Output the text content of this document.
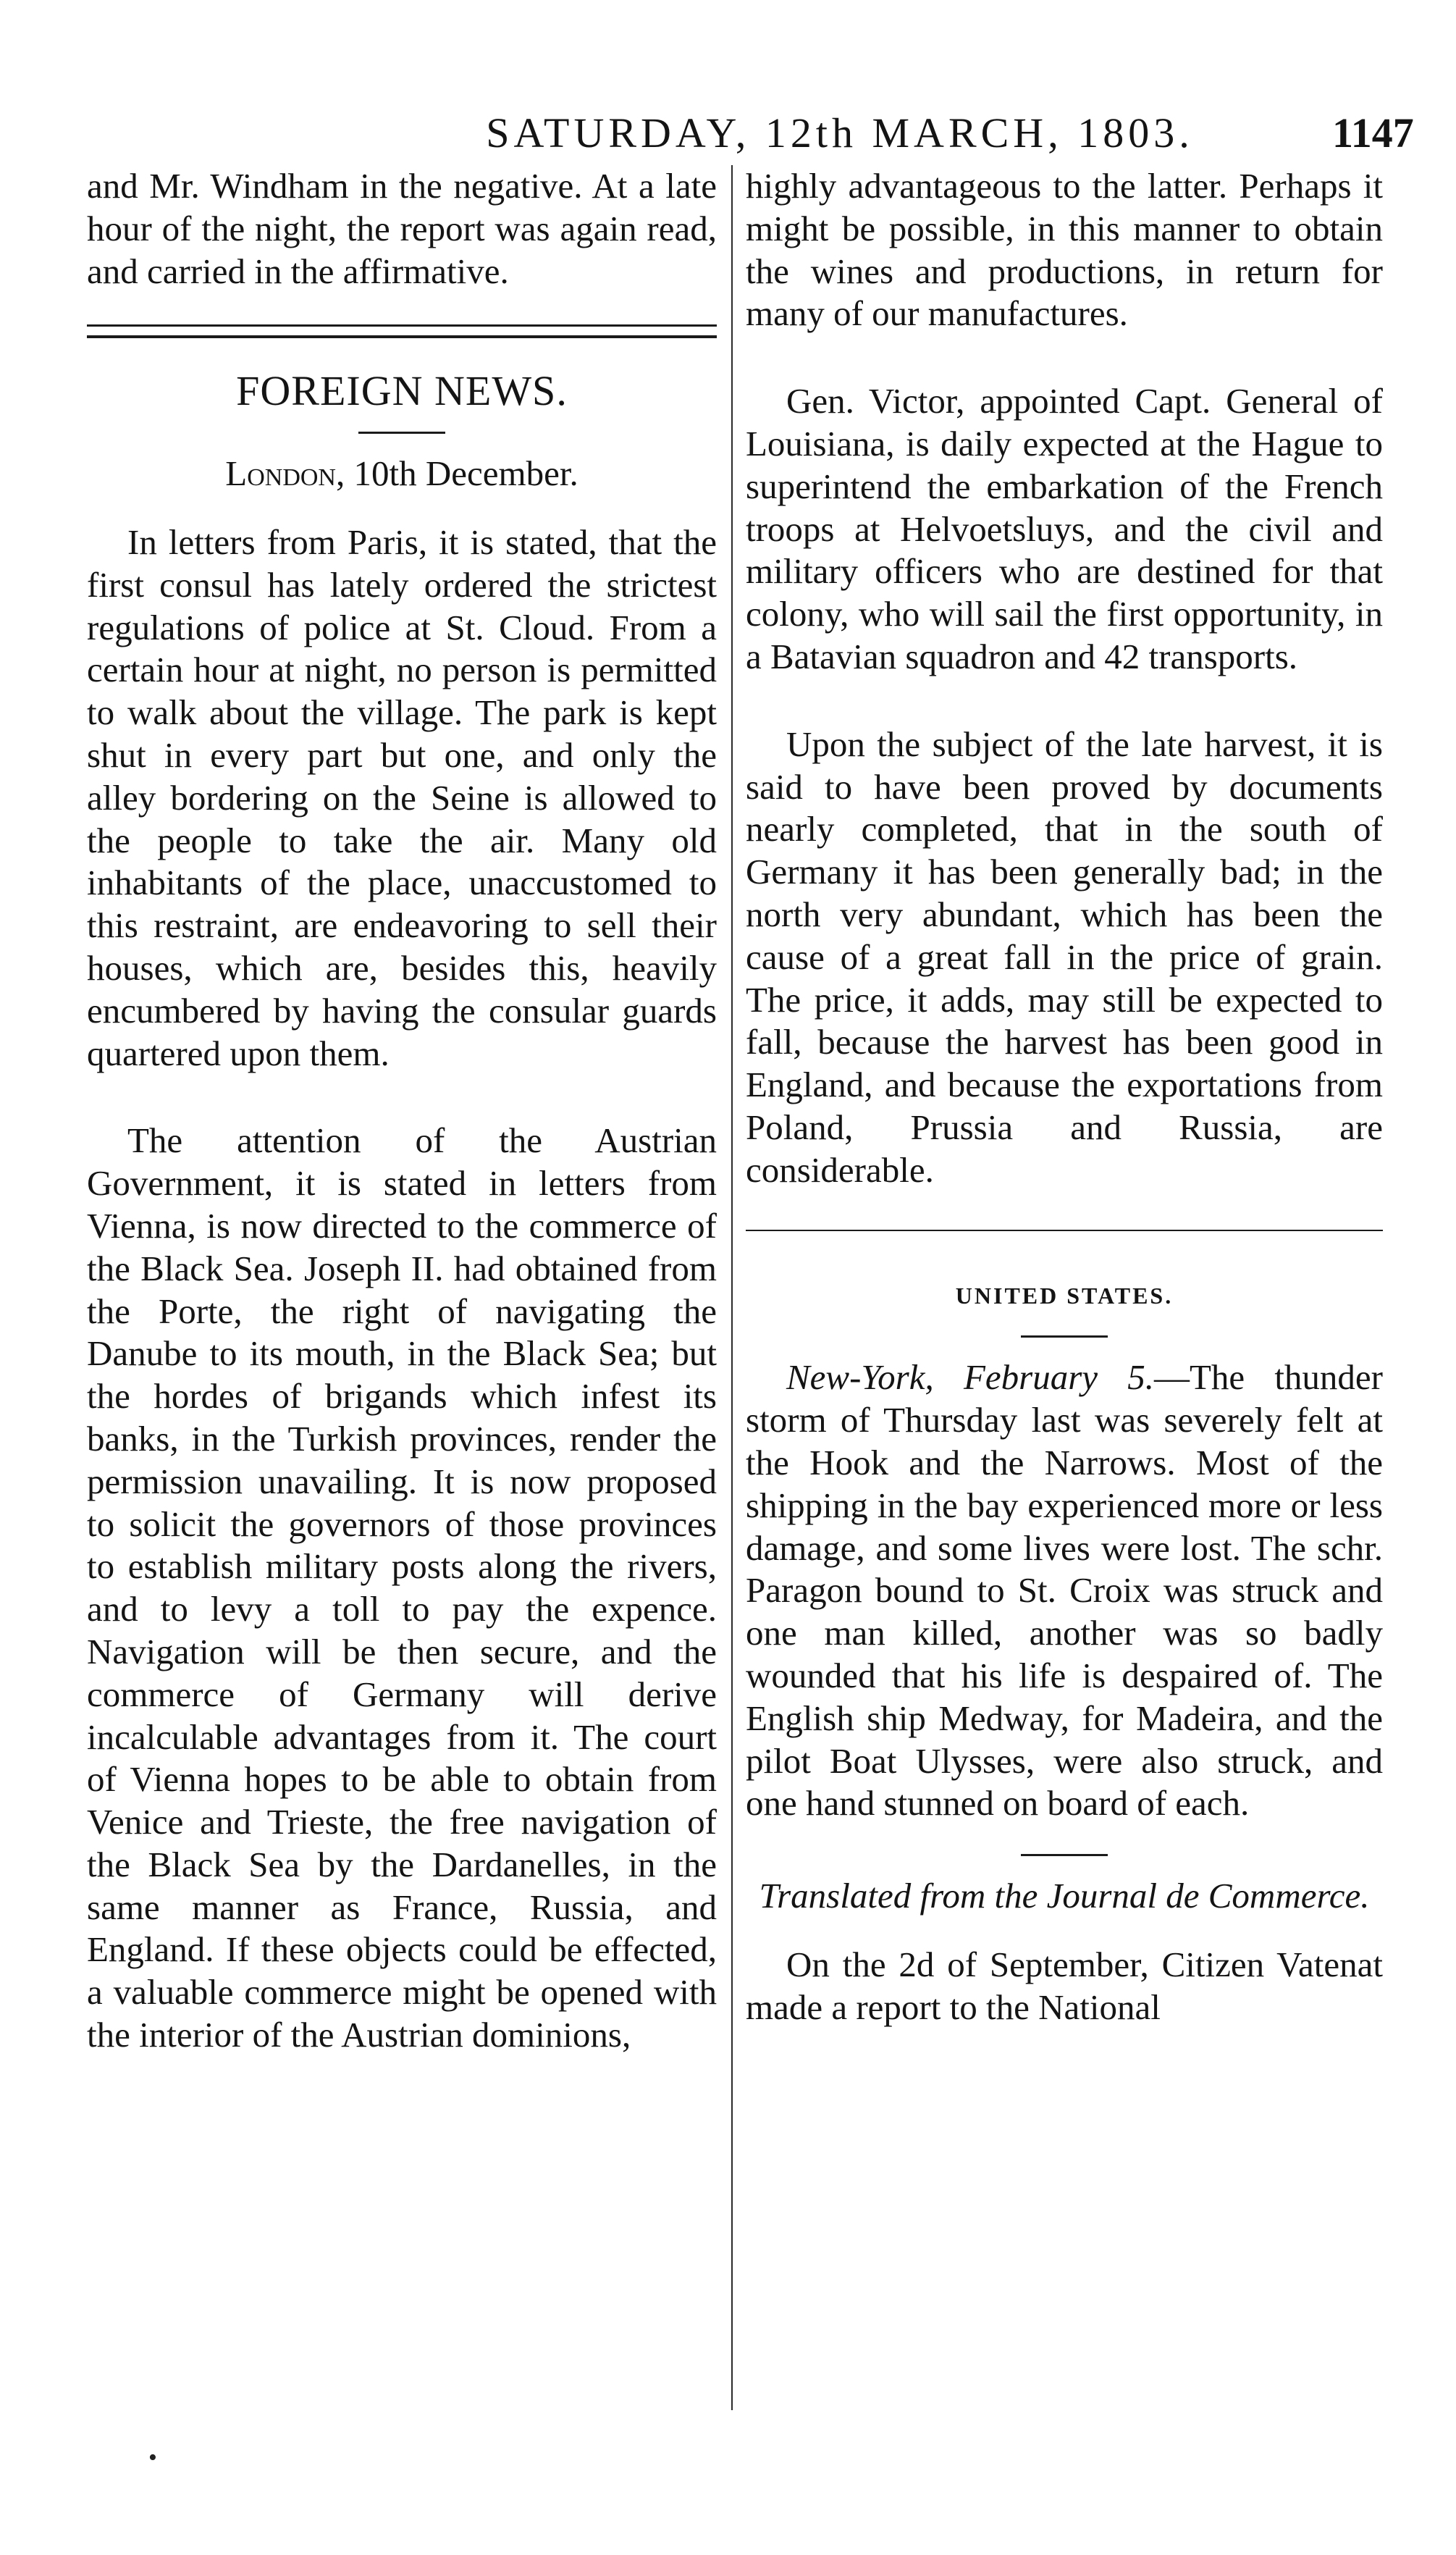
SATURDAY, 12th MARCH, 1803.	1147

and Mr. Windham in the negative. At a late hour of the night, the report was again read, and carried in the affirmative.

FOREIGN NEWS.
London, 10th December.

In letters from Paris, it is stated, that the first consul has lately ordered the strictest regulations of police at St. Cloud. From a certain hour at night, no person is permitted to walk about the village. The park is kept shut in every part but one, and only the alley bordering on the Seine is allowed to the people to take the air. Many old inhabitants of the place, unaccustomed to this restraint, are endeavoring to sell their houses, which are, besides this, heavily encumbered by having the consular guards quartered upon them.

The attention of the Austrian Government, it is stated in letters from Vienna, is now directed to the commerce of the Black Sea. Joseph II. had obtained from the Porte, the right of navigating the Danube to its mouth, in the Black Sea; but the hordes of brigands which infest its banks, in the Turkish provinces, render the permission unavailing. It is now proposed to solicit the governors of those provinces to establish military posts along the rivers, and to levy a toll to pay the expence. Navigation will be then secure, and the commerce of Germany will derive incalculable advantages from it. The court of Vienna hopes to be able to obtain from Venice and Trieste, the free navigation of the Black Sea by the Dardanelles, in the same manner as France, Russia, and England. If these objects could be effected, a valuable commerce might be opened with the interior of the Austrian dominions,

highly advantageous to the latter. Perhaps it might be possible, in this manner to obtain the wines and productions, in return for many of our manufactures.

Gen. Victor, appointed Capt. General of Louisiana, is daily expected at the Hague to superintend the embarkation of the French troops at Helvoetsluys, and the civil and military officers who are destined for that colony, who will sail the first opportunity, in a Batavian squadron and 42 transports.

Upon the subject of the late harvest, it is said to have been proved by documents nearly completed, that in the south of Germany it has been generally bad; in the north very abundant, which has been the cause of a great fall in the price of grain. The price, it adds, may still be expected to fall, because the harvest has been good in England, and because the exportations from Poland, Prussia and Russia, are considerable.

UNITED STATES.

New-York, February 5.—The thunder storm of Thursday last was severely felt at the Hook and the Narrows. Most of the shipping in the bay experienced more or less damage, and some lives were lost. The schr. Paragon bound to St. Croix was struck and one man killed, another was so badly wounded that his life is despaired of. The English ship Medway, for Madeira, and the pilot Boat Ulysses, were also struck, and one hand stunned on board of each.

Translated from the Journal de Commerce.

On the 2d of September, Citizen Vatenat made a report to the National

•
